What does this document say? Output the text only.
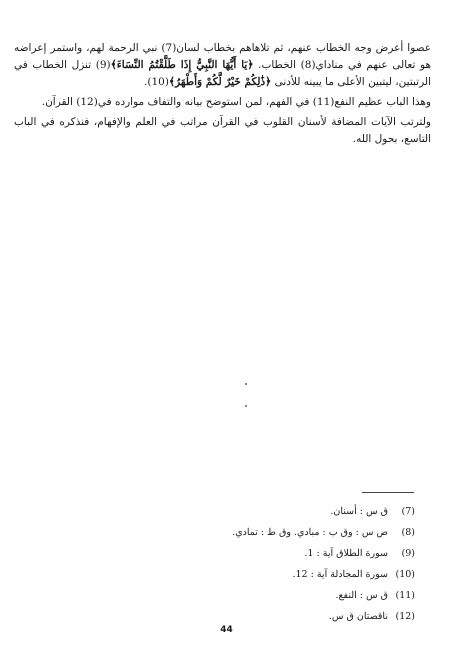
عصوا أعرض وجه الخطاب عنهم، ثم تلاهاهم بخطاب لسان(7) نبي الرحمة لهم، واستمر إعراضه هو تعالى عنهم في مناداي(8) الخطاب. ﴿يَا أَيُّهَا النَّبِيُّ إِذَا طَلَّقْتُمُ النِّسَاءَ﴾(9) تنزل الخطاب في الرتبتين، ليتبين الأعلى ما يبينه للأدنى ﴿ذَٰلِكُمْ خَيْرٌ لَّكُمْ وَأَطْهَرُ﴾(10).

وهذا الباب عظيم النفع(11) في الفهم، لمن استوضح بيانه والتفاف موارده في(12) القرآن.

ولترتب الآيات المضافة لأسنان القلوب في القرآن مراتب في العلم والإفهام، فنذكره في الباب التاسع، بحول الله.

(7) ق س : أسنان.
(8) ص س : وق ب : مبادي. وق ط : تمادي.
(9) سورة الطلاق آية : 1.
(10) سورة المجادلة آية : 12.
(11) ق س : النفع.
(12) ناقصتان ق س.
44
